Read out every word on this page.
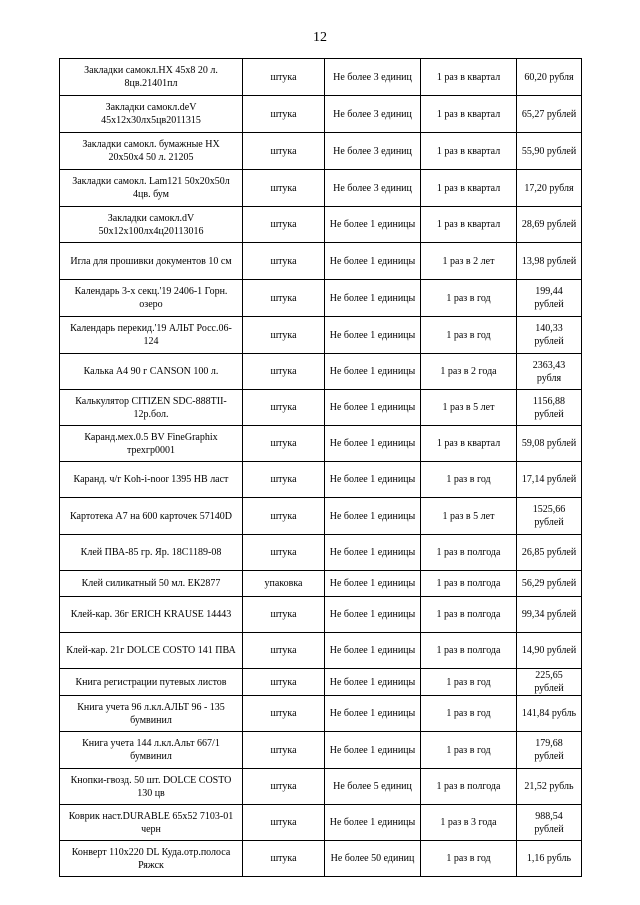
12
Закладки самокл.HX 45x8 20 л. 8цв.21401пл	штука	Не более 3 единиц	1 раз в квартал	60,20 рубля
Закладки самокл.deV 45x12x30лх5цв2011315	штука	Не более 3 единиц	1 раз в квартал	65,27 рублей
Закладки самокл. бумажные HX 20x50x4 50 л. 21205	штука	Не более 3 единиц	1 раз в квартал	55,90 рублей
Закладки самокл. Lam121 50x20x50л 4цв. бум	штука	Не более 3 единиц	1 раз в квартал	17,20 рубля
Закладки самокл.dV 50x12x100лх4ц20113016	штука	Не более 1 единицы	1 раз в квартал	28,69 рублей
Игла для прошивки документов 10 см	штука	Не более 1 единицы	1 раз в 2 лет	13,98 рублей
Календарь 3-х секц.'19 2406-1 Горн. озеро	штука	Не более 1 единицы	1 раз в год	199,44 рублей
Календарь перекид.'19 АЛЬТ Росс.06-124	штука	Не более 1 единицы	1 раз в год	140,33 рублей
Калька А4 90 г CANSON 100 л.	штука	Не более 1 единицы	1 раз в 2 года	2363,43 рубля
Калькулятор CITIZEN SDC-888TII-12р.бол.	штука	Не более 1 единицы	1 раз в 5 лет	1156,88 рублей
Каранд.мех.0.5 BV FineGraphix трехгр0001	штука	Не более 1 единицы	1 раз в квартал	59,08 рублей
Каранд. ч/г Koh-i-noor 1395 HB ласт	штука	Не более 1 единицы	1 раз в год	17,14 рублей
Картотека А7 на 600 карточек 57140D	штука	Не более 1 единицы	1 раз в 5 лет	1525,66 рублей
Клей ПВА-85 гр. Яр. 18С1189-08	штука	Не более 1 единицы	1 раз в полгода	26,85 рублей
Клей силикатный 50 мл. ЕК2877	упаковка	Не более 1 единицы	1 раз в полгода	56,29 рублей
Клей-кар. 36г ERICH KRAUSE 14443	штука	Не более 1 единицы	1 раз в полгода	99,34 рублей
Клей-кар. 21г DOLCE COSTO 141 ПВА	штука	Не более 1 единицы	1 раз в полгода	14,90 рублей
Книга регистрации путевых листов	штука	Не более 1 единицы	1 раз в год	225,65 рублей
Книга учета 96 л.кл.АЛЬТ 96 - 135 бумвинил	штука	Не более 1 единицы	1 раз в год	141,84 рубль
Книга учета 144 л.кл.Альт 667/1 бумвинил	штука	Не более 1 единицы	1 раз в год	179,68 рублей
Кнопки-гвозд. 50 шт. DOLCE COSTO 130 цв	штука	Не более 5 единиц	1 раз в полгода	21,52 рубль
Коврик наст.DURABLE 65x52 7103-01 черн	штука	Не более 1 единицы	1 раз в 3 года	988,54 рублей
Конверт 110x220 DL Куда.отр.полоса Ряжск	штука	Не более 50 единиц	1 раз в год	1,16 рубль
